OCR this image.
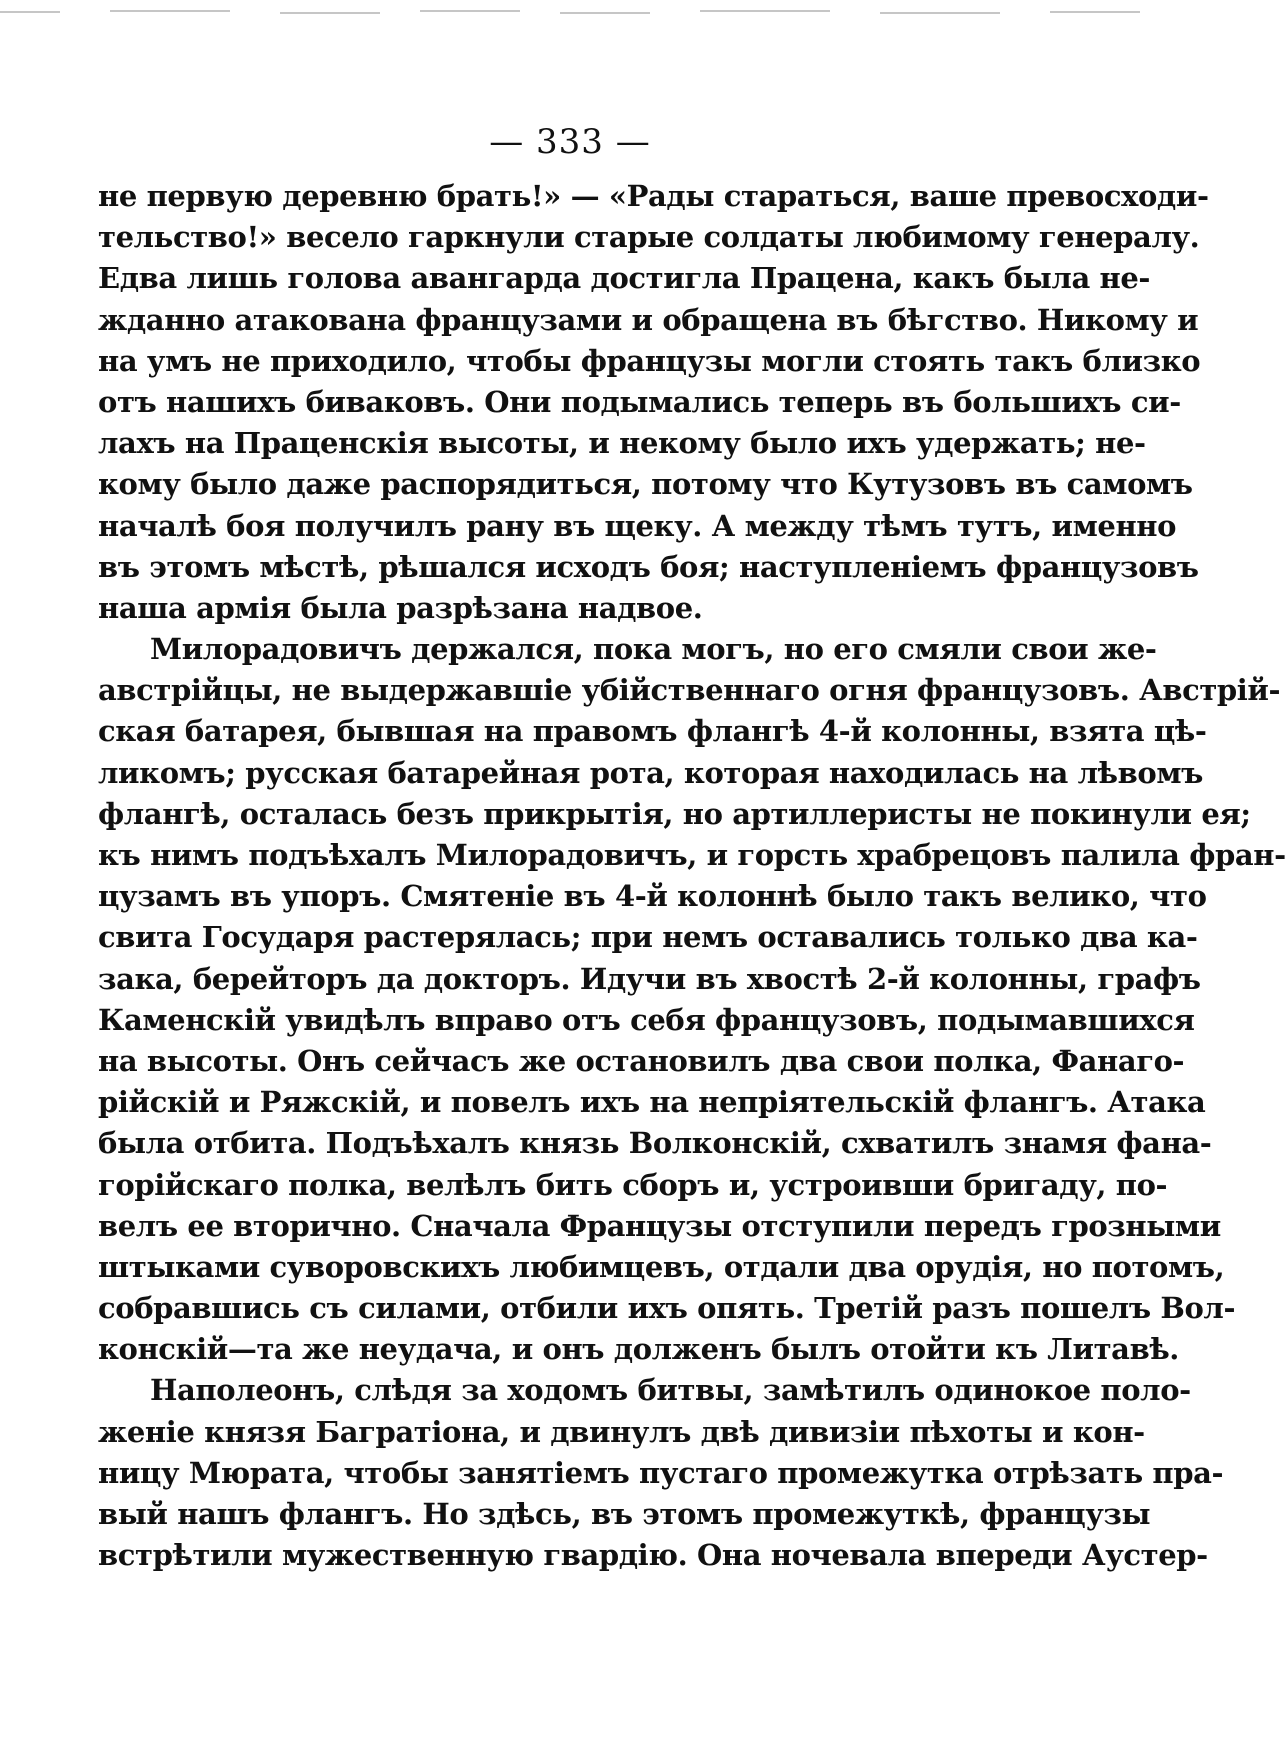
— 333 —
не первую деревню брать!» — «Рады стараться, ваше превосходи-
тельство!» весело гаркнули старые солдаты любимому генералу.
Едва лишь голова авангарда достигла Працена, какъ была не-
жданно атакована французами и обращена въ бѣгство. Никому и
на умъ не приходило, чтобы французы могли стоять такъ близко
отъ нашихъ биваковъ. Они подымались теперь въ большихъ си-
лахъ на Праценскія высоты, и некому было ихъ удержать; не-
кому было даже распорядиться, потому что Кутузовъ въ самомъ
началѣ боя получилъ рану въ щеку. А между тѣмъ тутъ, именно
въ этомъ мѣстѣ, рѣшался исходъ боя; наступленіемъ французовъ
наша армія была разрѣзана надвое.
Милорадовичъ держался, пока могъ, но его смяли свои же-
австрійцы, не выдержавшіе убійственнаго огня французовъ. Австрій-
ская батарея, бывшая на правомъ флангѣ 4-й колонны, взята цѣ-
ликомъ; русская батарейная рота, которая находилась на лѣвомъ
флангѣ, осталась безъ прикрытія, но артиллеристы не покинули ея;
къ нимъ подъѣхалъ Милорадовичъ, и горсть храбрецовъ палила фран-
цузамъ въ упоръ. Смятеніе въ 4-й колоннѣ было такъ велико, что
свита Государя растерялась; при немъ оставались только два ка-
зака, берейторъ да докторъ. Идучи въ хвостѣ 2-й колонны, графъ
Каменскій увидѣлъ вправо отъ себя французовъ, подымавшихся
на высоты. Онъ сейчасъ же остановилъ два свои полка, Фанаго-
рійскій и Ряжскій, и повелъ ихъ на непріятельскій флангъ. Атака
была отбита. Подъѣхалъ князь Волконскій, схватилъ знамя фана-
горійскаго полка, велѣлъ бить сборъ и, устроивши бригаду, по-
велъ ее вторично. Сначала Французы отступили передъ грозными
штыками суворовскихъ любимцевъ, отдали два орудія, но потомъ,
собравшись съ силами, отбили ихъ опять. Третій разъ пошелъ Вол-
конскій—та же неудача, и онъ долженъ былъ отойти къ Литавѣ.
Наполеонъ, слѣдя за ходомъ битвы, замѣтилъ одинокое поло-
женіе князя Багратіона, и двинулъ двѣ дивизіи пѣхоты и кон-
ницу Мюрата, чтобы занятіемъ пустаго промежутка отрѣзать пра-
вый нашъ флангъ. Но здѣсь, въ этомъ промежуткѣ, французы
встрѣтили мужественную гвардію. Она ночевала впереди Аустер-
